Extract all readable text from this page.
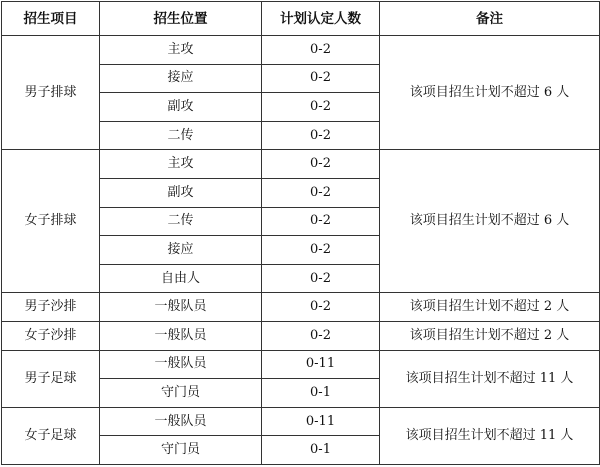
招生项目	招生位置	计划认定人数	备注
男子排球	主攻	0-2	该项目招生计划不超过 6 人
	接应	0-2	
	副攻	0-2	
	二传	0-2	
女子排球	主攻	0-2	该项目招生计划不超过 6 人
	副攻	0-2	
	二传	0-2	
	接应	0-2	
	自由人	0-2	
男子沙排	一般队员	0-2	该项目招生计划不超过 2 人
女子沙排	一般队员	0-2	该项目招生计划不超过 2 人
男子足球	一般队员	0-11	该项目招生计划不超过 11 人
	守门员	0-1	
女子足球	一般队员	0-11	该项目招生计划不超过 11 人
	守门员	0-1	
